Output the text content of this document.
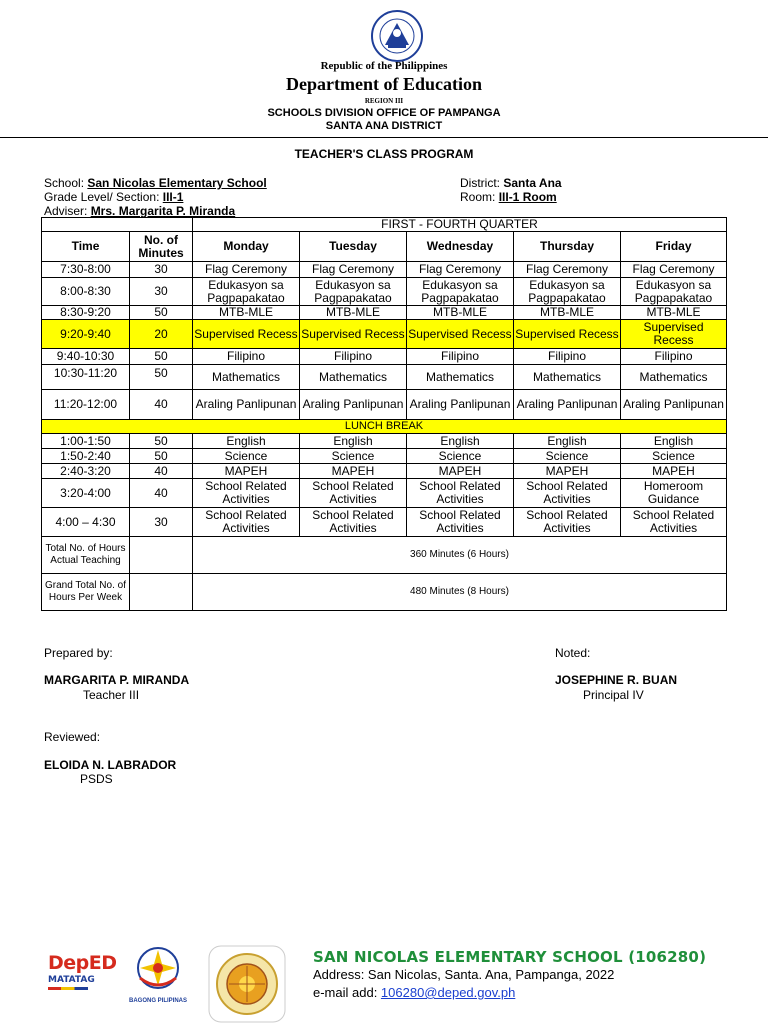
Republic of the Philippines
Department of Education
REGION III
SCHOOLS DIVISION OFFICE OF PAMPANGA
SANTA ANA DISTRICT
TEACHER'S CLASS PROGRAM
School: San Nicolas Elementary School
Grade Level/ Section: III-1
Adviser: Mrs. Margarita P. Miranda
District: Santa Ana
Room: III-1 Room
		FIRST - FOURTH QUARTER				
Time	No. of Minutes	Monday	Tuesday	Wednesday	Thursday	Friday
7:30-8:00	30	Flag Ceremony	Flag Ceremony	Flag Ceremony	Flag Ceremony	Flag Ceremony
8:00-8:30	30	Edukasyon sa Pagpapakatao	Edukasyon sa Pagpapakatao	Edukasyon sa Pagpapakatao	Edukasyon sa Pagpapakatao	Edukasyon sa Pagpapakatao
8:30-9:20	50	MTB-MLE	MTB-MLE	MTB-MLE	MTB-MLE	MTB-MLE
9:20-9:40	20	Supervised Recess	Supervised Recess	Supervised Recess	Supervised Recess	Supervised Recess
9:40-10:30	50	Filipino	Filipino	Filipino	Filipino	Filipino
10:30-11:20	50	Mathematics	Mathematics	Mathematics	Mathematics	Mathematics
11:20-12:00	40	Araling Panlipunan	Araling Panlipunan	Araling Panlipunan	Araling Panlipunan	Araling Panlipunan
LUNCH BREAK						
1:00-1:50	50	English	English	English	English	English
1:50-2:40	50	Science	Science	Science	Science	Science
2:40-3:20	40	MAPEH	MAPEH	MAPEH	MAPEH	MAPEH
3:20-4:00	40	School Related Activities	School Related Activities	School Related Activities	School Related Activities	Homeroom Guidance
4:00 – 4:30	30	School Related Activities	School Related Activities	School Related Activities	School Related Activities	School Related Activities
Total No. of Hours Actual Teaching		360 Minutes (6 Hours)				
Grand Total No. of Hours Per Week		480 Minutes (8 Hours)				
Prepared by:
MARGARITA P. MIRANDA
Teacher III
Noted:
JOSEPHINE R. BUAN
Principal IV
Reviewed:
ELOIDA N. LABRADOR
PSDS
DepED
MATATAG
BAGONG PILIPINAS
SAN NICOLAS ELEMENTARY SCHOOL (106280)
Address: San Nicolas, Santa. Ana, Pampanga, 2022
e-mail add: 106280@deped.gov.ph
